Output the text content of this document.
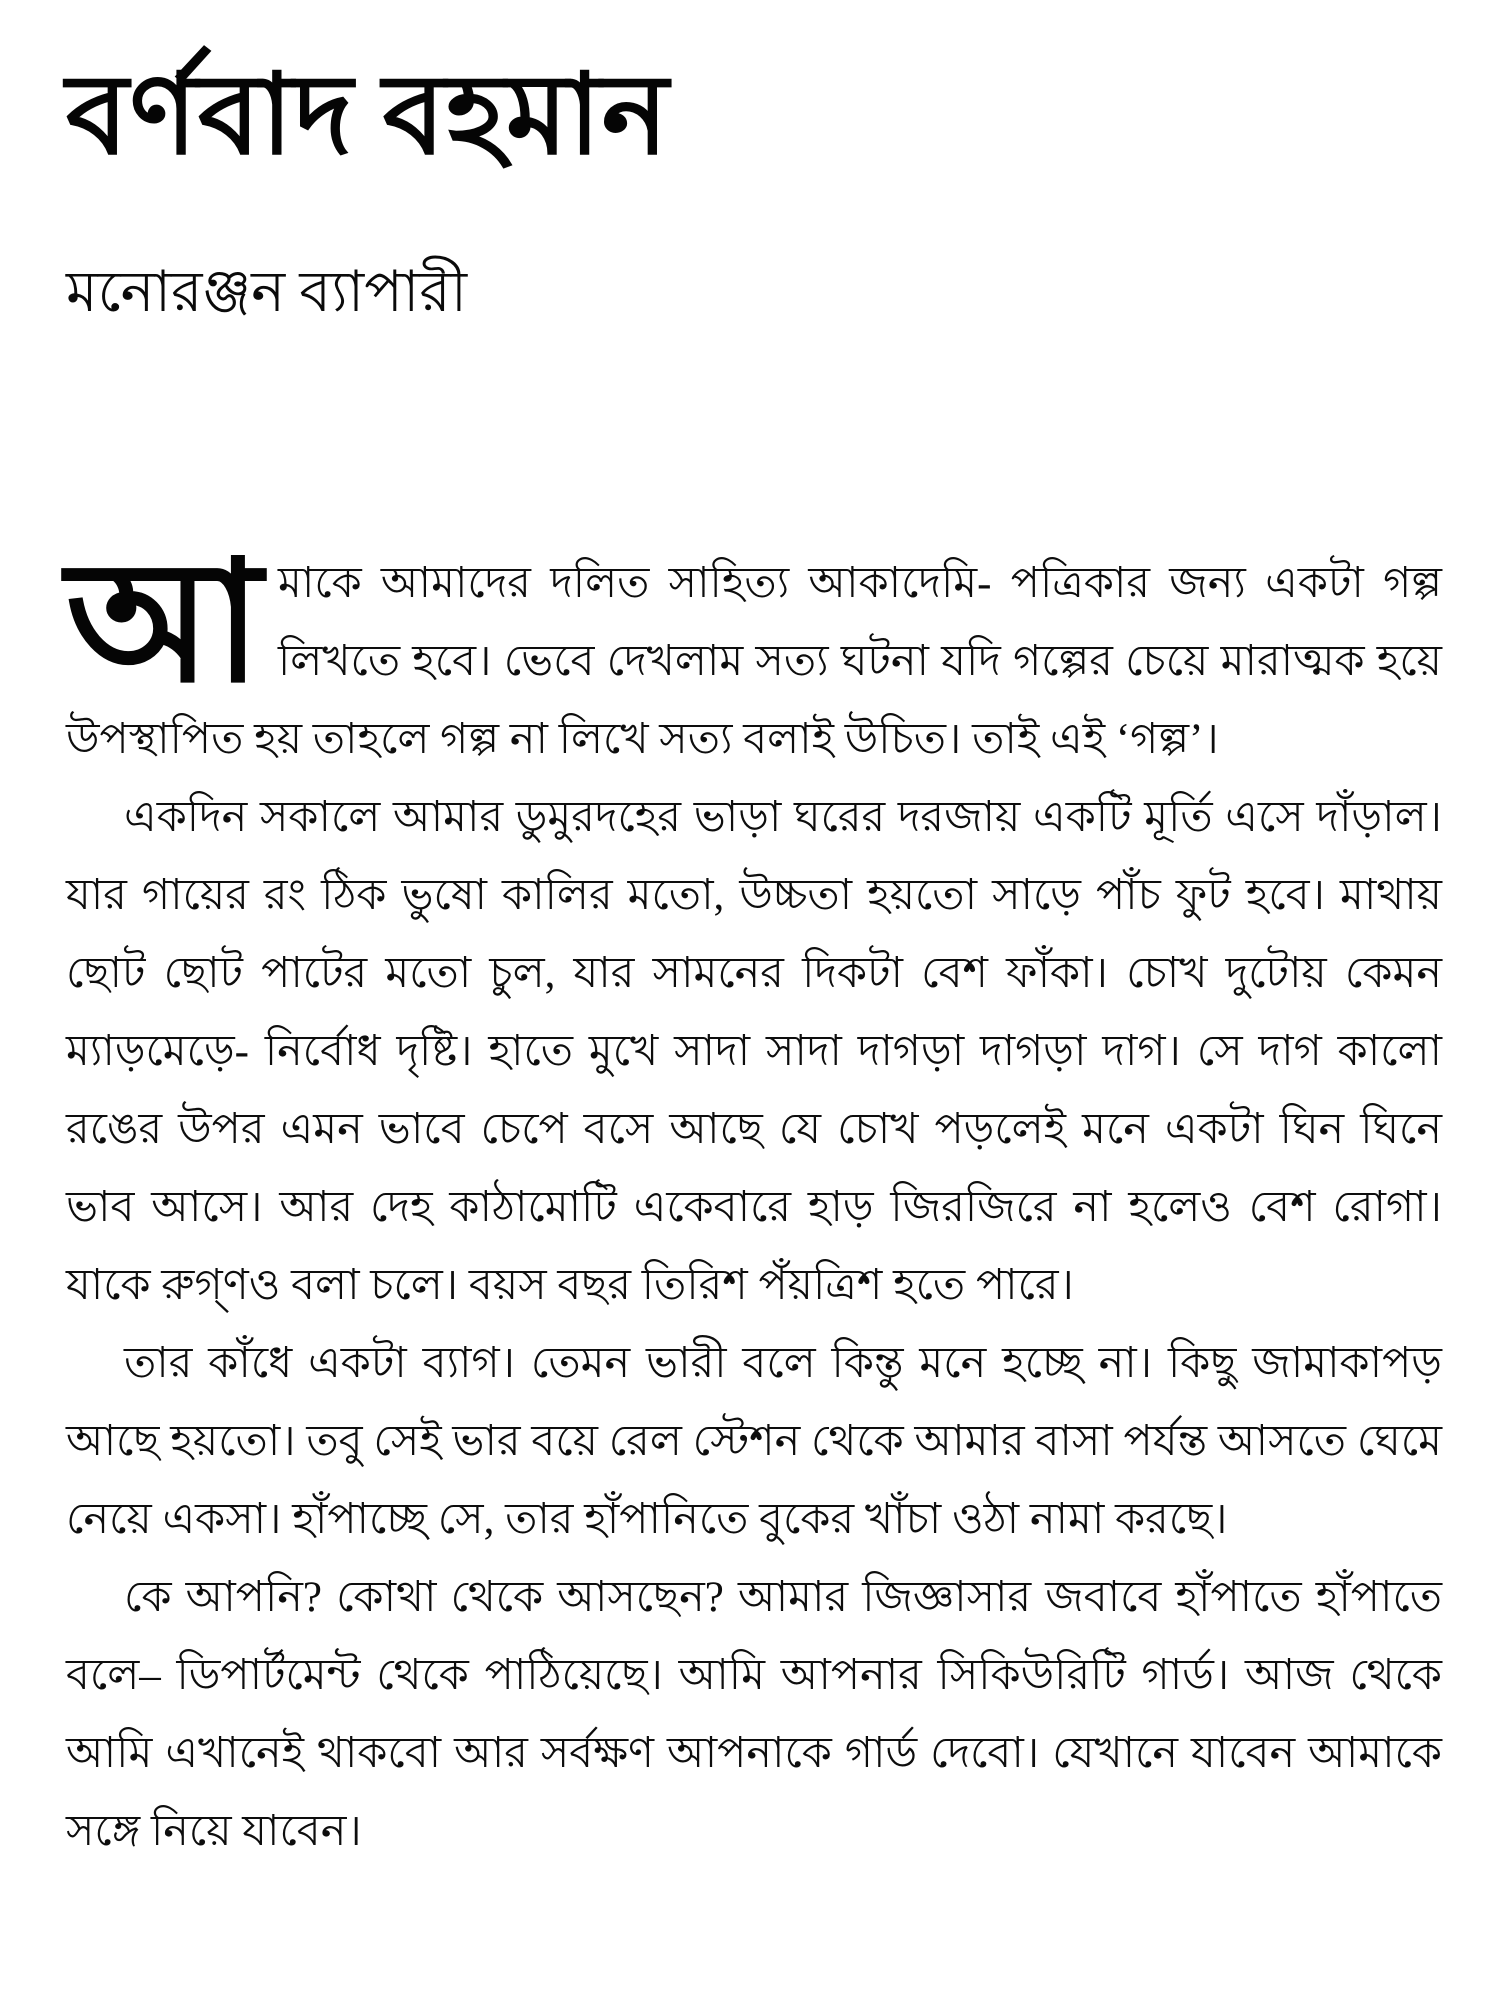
বর্ণবাদ বহমান
মনোরঞ্জন ব্যাপারী

আমাকে আমাদের দলিত সাহিত্য আকাদেমি- পত্রিকার জন্য একটা গল্প লিখতে হবে। ভেবে দেখলাম সত্য ঘটনা যদি গল্পের চেয়ে মারাত্মক হয়ে উপস্থাপিত হয় তাহলে গল্প না লিখে সত্য বলাই উচিত। তাই এই ‘গল্প’।

একদিন সকালে আমার ডুমুরদহের ভাড়া ঘরের দরজায় একটি মূর্তি এসে দাঁড়াল। যার গায়ের রং ঠিক ভুষো কালির মতো, উচ্চতা হয়তো সাড়ে পাঁচ ফুট হবে। মাথায় ছোট ছোট পাটের মতো চুল, যার সামনের দিকটা বেশ ফাঁকা। চোখ দুটোয় কেমন ম্যাড়মেড়ে- নির্বোধ দৃষ্টি। হাতে মুখে সাদা সাদা দাগড়া দাগড়া দাগ। সে দাগ কালো রঙের উপর এমন ভাবে চেপে বসে আছে যে চোখ পড়লেই মনে একটা ঘিন ঘিনে ভাব আসে। আর দেহ কাঠামোটি একেবারে হাড় জিরজিরে না হলেও বেশ রোগা। যাকে রুগ্‌ণও বলা চলে। বয়স বছর তিরিশ পঁয়ত্রিশ হতে পারে।

তার কাঁধে একটা ব্যাগ। তেমন ভারী বলে কিন্তু মনে হচ্ছে না। কিছু জামাকাপড় আছে হয়তো। তবু সেই ভার বয়ে রেল স্টেশন থেকে আমার বাসা পর্যন্ত আসতে ঘেমে নেয়ে একসা। হাঁপাচ্ছে সে, তার হাঁপানিতে বুকের খাঁচা ওঠা নামা করছে।

কে আপনি? কোথা থেকে আসছেন? আমার জিজ্ঞাসার জবাবে হাঁপাতে হাঁপাতে বলে– ডিপার্টমেন্ট থেকে পাঠিয়েছে। আমি আপনার সিকিউরিটি গার্ড। আজ থেকে আমি এখানেই থাকবো আর সর্বক্ষণ আপনাকে গার্ড দেবো। যেখানে যাবেন আমাকে সঙ্গে নিয়ে যাবেন।
